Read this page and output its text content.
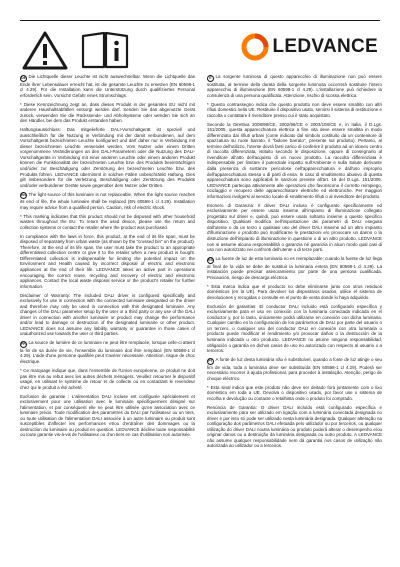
LEDVANCE

DE Die Lichtquelle dieser Leuchte ist nicht auswechselbar. Wenn die Lichtquelle das Ende ihrer Lebensdauer erreicht hat, ist die gesamte Leuchte zu ersetzen (EN 60598-1 cl 4.29). Für die Installation kann die Unterstützung durch qualifiziertes Personal erforderlich sein. Vorsicht! Gefahr eines Stromschlags.

* Diese Kennzeichnung zeigt an, dass dieses Produkt in der gesamten EU nicht mit anderen Haushaltsabfällen entsorgt werden darf. Senden Sie das abgenutzte Gerät zurück, verwenden Sie die Rückssende- und Abholsysteme oder wenden Sie sich an den Händler, bei dem das Produkt erstanden haben.

Haftungsausschluss: Das mitgelieferte DALI-Vorschaltgerät ist speziell und ausschließlich für die Nutzung in Verbindung mit der damit verbundenen, auf dem Vorschaltgerät bezeichneten Leuchte konfiguriert und darf daher nur in Verbindung mit dieser bezeichneten Leuchte verwendet werden. Vom Nutzer oder einem Dritten vorgenommene Veränderungen an den DALI-Parametern oder die Nutzung des DALI-Vorschaltgeräts in Verbindung mit einer anderen Leuchte oder einem anderen Produkt können die Funktionalität der bezeichneten Leuchte bzw. des Produkts beeinträchtigen und/oder zur Beschädigung oder Zerstörung der bezeichneten Leuchte bzw. des Produkts führen. LEDVANCE übernimmt in solchen Fällen unbeschränkt Haftung. Dies gilt insbesondere für die Verletzung, Beschädigung oder Zerstörung des Produkts und/oder verbundener Geräte sowie gegenüber dem Nutzer oder Dritten.

EN The light source of this luminaire is not replaceable. When the light source reaches its end of life, the whole luminaire shall be replaced (EN 60598-1 cl 4.29). Installation may require advice from a qualified person. Caution, risk of electric shock.

* This marking indicates that this product should not be disposed with other household wastes throughout the EU. To return the used device, please use the return and collection systems or contact the retailer where the product was purchased.

In compliance with the laws in force, this product, at the end of its life span, must be disposed of separately from urban waste (as shown by the "crossed bin" on the product). Therefore, at the end of its life span, the user must take the product to an appropriate differentiated collection centre or give it to the retailer when a new product is bought. Differentiated collection is indispensable for limiting the potential impact on the Environment and Health caused by incorrect disposal of electric and electronic appliances at the end of their life. LEDVANCE takes an active part in operations encouraging the correct reuse, recycling and recovery of electric and electronic appliances. Contact the local waste disposal service or the product's retailer for further information.

Disclaimer of Warranty: The included DALI driver is configured specifically and exclusively for use in connection with the connected luminaire designated on the driver and therefore may only be used in connection with this designated luminaire. Any changes of the DALI parameter setup by the user or a third party or any use of the DALI driver in connection with another luminaire or product may change the performance and/or lead to damage or destruction of the designated luminaire or other product. LEDVANCE does not assume any liability, warranty or guarantee in those cases of unauthorized use towards the user or third parties.

FR La source de lumière de ce luminaire ne peut être remplacée, lorsque celle-ci atteint la fin de sa durée de vie, l'ensemble du luminaire doit être remplacé (EN 60598-1 cl 4.29). L'aide d'une personne qualifiée peut s'avérer nécessaire. Attention, risque de choc électrique.

* Ce marquage indique que, dans l'ensemble de l'Union européenne, ce produit ne doit pas être mis au rebut avec les autres déchets ménagers. Veuillez retourner le dispositif usagé, en utilisant le système de retour et de collecte ou en contactant le revendeur chez qui le produit a été acheté.

Exclusion de garantie : L'alimentation DALI incluse est configurée spécialement et exclusivement pour une utilisation avec le luminaire spécifiquement désigné sur l'alimentation, et par conséquent elle ne peut être utilisée qu'en association avec ce luminaire précis. Toute modification des paramètres du DALI par l'utilisateur ou un tiers, ou toute utilisation de l'alimentation DALI associée à un autre luminaire ou produit sont susceptibles d'affecter les performances et/ou d'entraîner des dommages ou la destruction du luminaire ou produit en question. LEDVANCE décline toute responsabilité ou toute garantie vis-à-vis de l'utilisateur ou d'un tiers en cas d'utilisation non autorisée.

IT La sorgente luminosa di questo apparecchio di illuminazione non può essere sostituita; al termine della durata della sorgente luminosa occorrerà sostituire l'intero apparecchio di illuminazione (EN 60598-1 cl 4.29). L'installazione può richiedere la consulenza di una persona qualificata. Attenzione, rischio di scossa elettrica.

* Questo contrassegno indica che questo prodotto non deve essere smaltito con altri rifiuti domestici nella UE. Restituire il dispositivo usato, servirsi il sistema di restituzione e raccolta o contattare il rivenditore presso cui è stato acquistato.

Secondo la Direttiva 2008/98/CE, 2002/96/CE e 2003/108/CE e, in Italia, il D.Lgs. 151/2005, questa apparecchiatura elettrica a fine vita deve essere smaltita in modo differenziato dai rifiuti urbani (come indicato dal simbolo costituito da un contenitore di spazzatura su ruote barrato, il "bidone barrato", presente sul prodotto). Pertanto, al termine dell'utilizzo, l'utente dovrà farsi carico di conferire il prodotto ad un idoneo centro di raccolta differenziata, istituito secondo le disposizione, oppure di consegnarlo al rivenditore all'atto dell'acquisto di un nuovo prodotto. La raccolta differenziata è indispensabile per limitare il potenziale impatto sull'Ambiente e sulla Salute derivante dalla presenza di sostanze pericolose nell'apparecchiatura e dall'uso improprio dell'apparecchiatura stessa o di parti di essa. In caso di smaltimento abusivo di questa apparecchiatura sono applicabili le sanzioni previste all'art. 16 del D.Lgs. 151/2005. LEDVANCE partecipa attivamente alle operazioni che favoriscono il corretto reimpiego, riciclaggio e recupero delle apparecchiature elettriche ed elettroniche. Per maggiori informazioni rivolgersi al servizio locale di smaltimento rifiuti o al rivenditore del prodotto.

Esonero di Garanzia: Il driver DALI incluso è configurato specificamente ed esclusivamente per essere usato insieme all'impianto di illuminazione collegato progettato sul driver e, quindi, può essere usato soltanto insieme a questo specifico dispositivo. Qualsiasi modifica nell'impostazione dei parametri di DALI eseguita dall'utente o da un terzo o qualsiasi uso del driver DALI insieme ad un altro impianto d'illuminazione o prodotto può modificarne le prestazioni e/o provocare un danno o la distruzione dell'impianto di illuminazione in questione o di un altro prodotto. LEDVANCE non si assume alcuna responsabilità o garanzia né garanzia in alcun modo qual casi di uso non autorizzato nei confronti dell'utente o di terze parti.

ES La fuente de luz de esta luminaria no es reemplazable; cuando la fuente de luz llega al final de la vida se debe de sustituir la luminaria entera (EN 60598-1 cl 4.29). La instalación puede precisar asesoramiento por parte de una persona cualificada. Precaución, riesgo de descarga eléctrica.

* Esta marca indica que el producto no debe eliminarse junto con otros residuos domésticos (en la UE). Para devolver los dispositivos usados, utilice el sistema de devoluciones y recogidas o consulte en el punto de venta donde lo haya adquirido.

Exclusión de garantías: El conductor DALI incluido está configurado específica y exclusivamente para el uso en conexión con la luminaria conectada indicada en el conductor y, por lo tanto, únicamente podrá utilizarse en conexión con dicha luminaria. Cualquier cambio en la configuración de los parámetros de DALI por parte del usuario o un tercero, o cualquier uso del conductor DALI en conexión con otra luminaria o producto puede modificar el rendimiento y/o provocar daños o la destrucción de la luminaria indicada u otro producto. LEDVANCE no asume ninguna responsabilidad, obligación o garantía en dichos casos de uso no autorizado con respecto al usuario o a terceros.

PT A fonte de luz desta luminária não é substituível, quando a fonte de luz atinge o seu fim de vida, toda a luminária deve ser substituída (EN 60598-1 cl 4.29). Poderá ser necessário recorrer à ajuda profissional, para proceder à instalação. Atenção, perigo de choque eléctrico.

* Esta sinal indica que este produto não deve ser deitado fora juntamente com o lixo doméstico em toda a UE. Devolva o dispositivo usado, por favor use o sistema de recolha e devolução ou contacte o retalhista onde o produto foi comprado.

Renúncia de Garantia: O driver DALI incluído está configurado específica e exclusivamente para ser utilizado em ligação com a luminária conectada designada no driver e por isso só pode ser utilizado nesta luminária designada. Qualquer alteração na configuração dos parâmetros DALI efetuada pelo utilizador ou por terceiros, ou qualquer utilização do driver DALI noutra luminária ou produto poderá alterar o desempenho e/ou originar danos ou a destruição da luminária designada ou outro produto. A LEDVANCE não assume qualquer responsabilidade nem dá garantia nos casos de utilização não autorizada ao utilizador ou a terceiros.
